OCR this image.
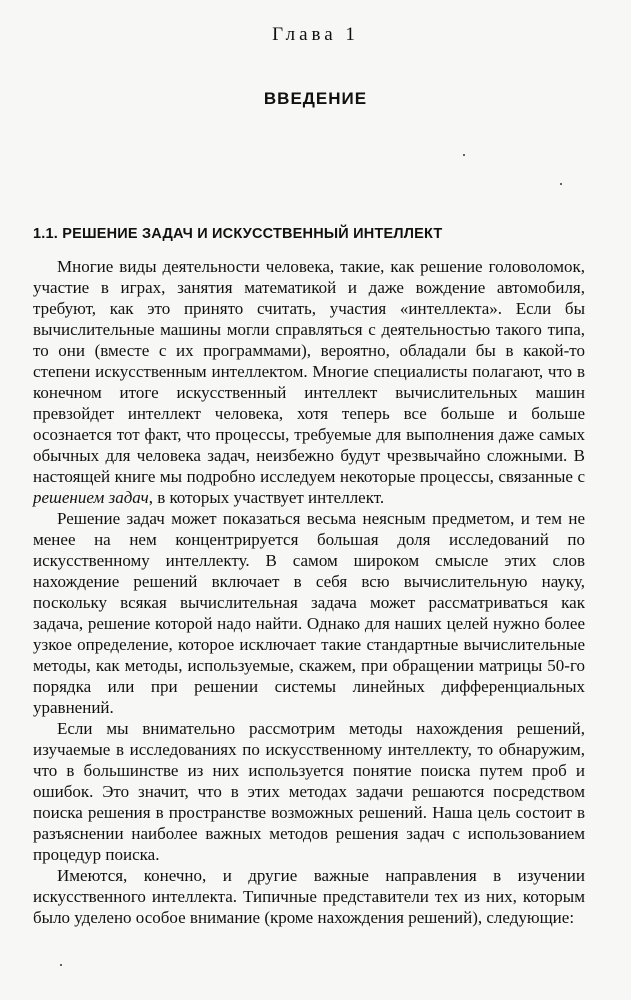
Глава 1
ВВЕДЕНИЕ
1.1. РЕШЕНИЕ ЗАДАЧ И ИСКУССТВЕННЫЙ ИНТЕЛЛЕКТ

Многие виды деятельности человека, такие, как решение головоломок, участие в играх, занятия математикой и даже вождение автомобиля, требуют, как это принято считать, участия «интеллекта». Если бы вычислительные машины могли справляться с деятельностью такого типа, то они (вместе с их программами), вероятно, обладали бы в какой-то степени искусственным интеллектом. Многие специалисты полагают, что в конечном итоге искусственный интеллект вычислительных машин превзойдет интеллект человека, хотя теперь все больше и больше осознается тот факт, что процессы, требуемые для выполнения даже самых обычных для человека задач, неизбежно будут чрезвычайно сложными. В настоящей книге мы подробно исследуем некоторые процессы, связанные с решением задач, в которых участвует интеллект.

Решение задач может показаться весьма неясным предметом, и тем не менее на нем концентрируется большая доля исследований по искусственному интеллекту. В самом широком смысле этих слов нахождение решений включает в себя всю вычислительную науку, поскольку всякая вычислительная задача может рассматриваться как задача, решение которой надо найти. Однако для наших целей нужно более узкое определение, которое исключает такие стандартные вычислительные методы, как методы, используемые, скажем, при обращении матрицы 50-го порядка или при решении системы линейных дифференциальных уравнений.

Если мы внимательно рассмотрим методы нахождения решений, изучаемые в исследованиях по искусственному интеллекту, то обнаружим, что в большинстве из них используется понятие поиска путем проб и ошибок. Это значит, что в этих методах задачи решаются посредством поиска решения в пространстве возможных решений. Наша цель состоит в разъяснении наиболее важных методов решения задач с использованием процедур поиска.

Имеются, конечно, и другие важные направления в изучении искусственного интеллекта. Типичные представители тех из них, которым было уделено особое внимание (кроме нахождения решений), следующие:
